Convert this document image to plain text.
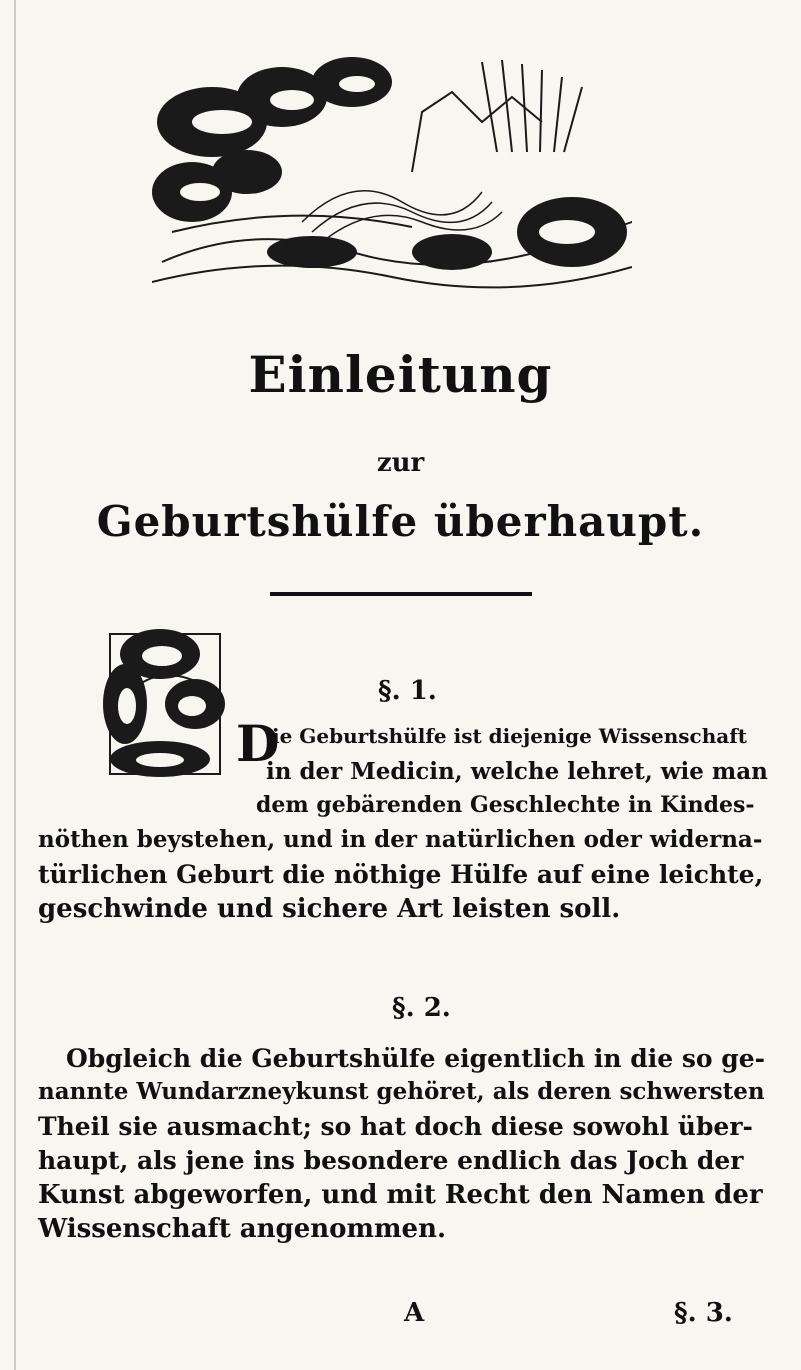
Einleitung
zur
Geburtshülfe überhaupt.
§. 1.
D
ie Geburtshülfe ist diejenige Wissenschaft
in der Medicin, welche lehret, wie man
dem gebärenden Geschlechte in Kindes-
nöthen beystehen, und in der natürlichen oder widerna-
türlichen Geburt die nöthige Hülfe auf eine leichte,
geschwinde und sichere Art leisten soll.
§. 2.
Obgleich die Geburtshülfe eigentlich in die so ge-
nannte Wundarzneykunst gehöret, als deren schwersten
Theil sie ausmacht; so hat doch diese sowohl über-
haupt, als jene ins besondere endlich das Joch der
Kunst abgeworfen, und mit Recht den Namen der
Wissenschaft angenommen.
A	§. 3.
